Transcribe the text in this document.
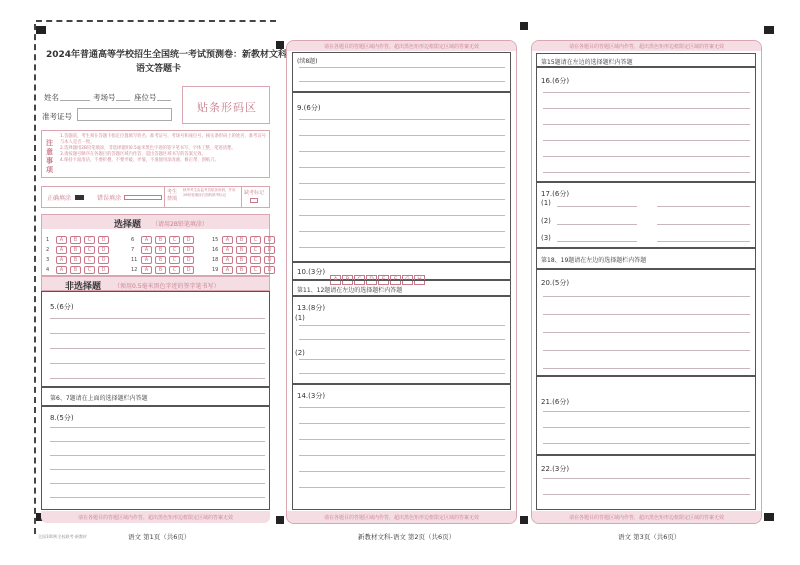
2024年普通高等学校招生全国统一考试预测卷：新教材文科
语文答题卡
姓名	考场号 座位号
准考证号
贴条形码区
注意事项
1.答题前，考生须在答题卡指定位置填写姓名、准考证号，考场号和座位号。核实条形码上的姓名、准考证号与本人是否一致。
2.选择题用2B铅笔填涂，非选择题用0.5毫米黑色字迹的签字笔书写，字体工整，笔迹清楚。
3.请按题号顺序在各题目的答题区域内作答，超出答题区域书写的答案无效。
4.保持卡面清洁，不要折叠，不要弄破、弄皱，不准使用涂改液、修正带、刮纸刀。
正确填涂	错误填涂
考生禁填
缺考考生由监考员贴条形码，并用2B铅笔填涂右面的缺考标记	缺考标记
选择题 （请用2B铅笔填涂）
1	A	B	C	D
2	A	B	C	D
3	A	B	C	D
4	A	B	C	D
6	A	B	C	D
7	A	B	C	D
11	A	B	C	D
12	A	B	C	D
15	A	B	C	D
16	A	B	C	D
18	A	B	C	D
19	A	B	C	D
非选择题 （须用0.5毫米黑色字迹的签字笔书写）
5.(6分)
第6、7题请在上面的选择题栏内答题
8.(5分)
请在各题目的答题区域内作答，超出黑色矩形边框限定区域的答案无效
全国100所名校联考·新教材	语文 第1页（共6页）
请在各题目的答题区域内作答，超出黑色矩形边框限定区域的答案无效
(续8题)
9.(6分)
10.(3分)
A B C D E F G H
第11、12题请在左边的选择题栏内答题
13.(8分)
(1)
(2)
14.(3分)
请在各题目的答题区域内作答，超出黑色矩形边框限定区域的答案无效
新教材文科-语文 第2页（共6页）
请在各题目的答题区域内作答，超出黑色矩形边框限定区域的答案无效
第15题请在左边的选择题栏内答题
16.(6分)
17.(6分)
(1)
(2)
(3)
第18、19题请在左边的选择题栏内答题
20.(5分)
21.(6分)
22.(3分)
请在各题目的答题区域内作答，超出黑色矩形边框限定区域的答案无效
语文 第3页（共6页）
